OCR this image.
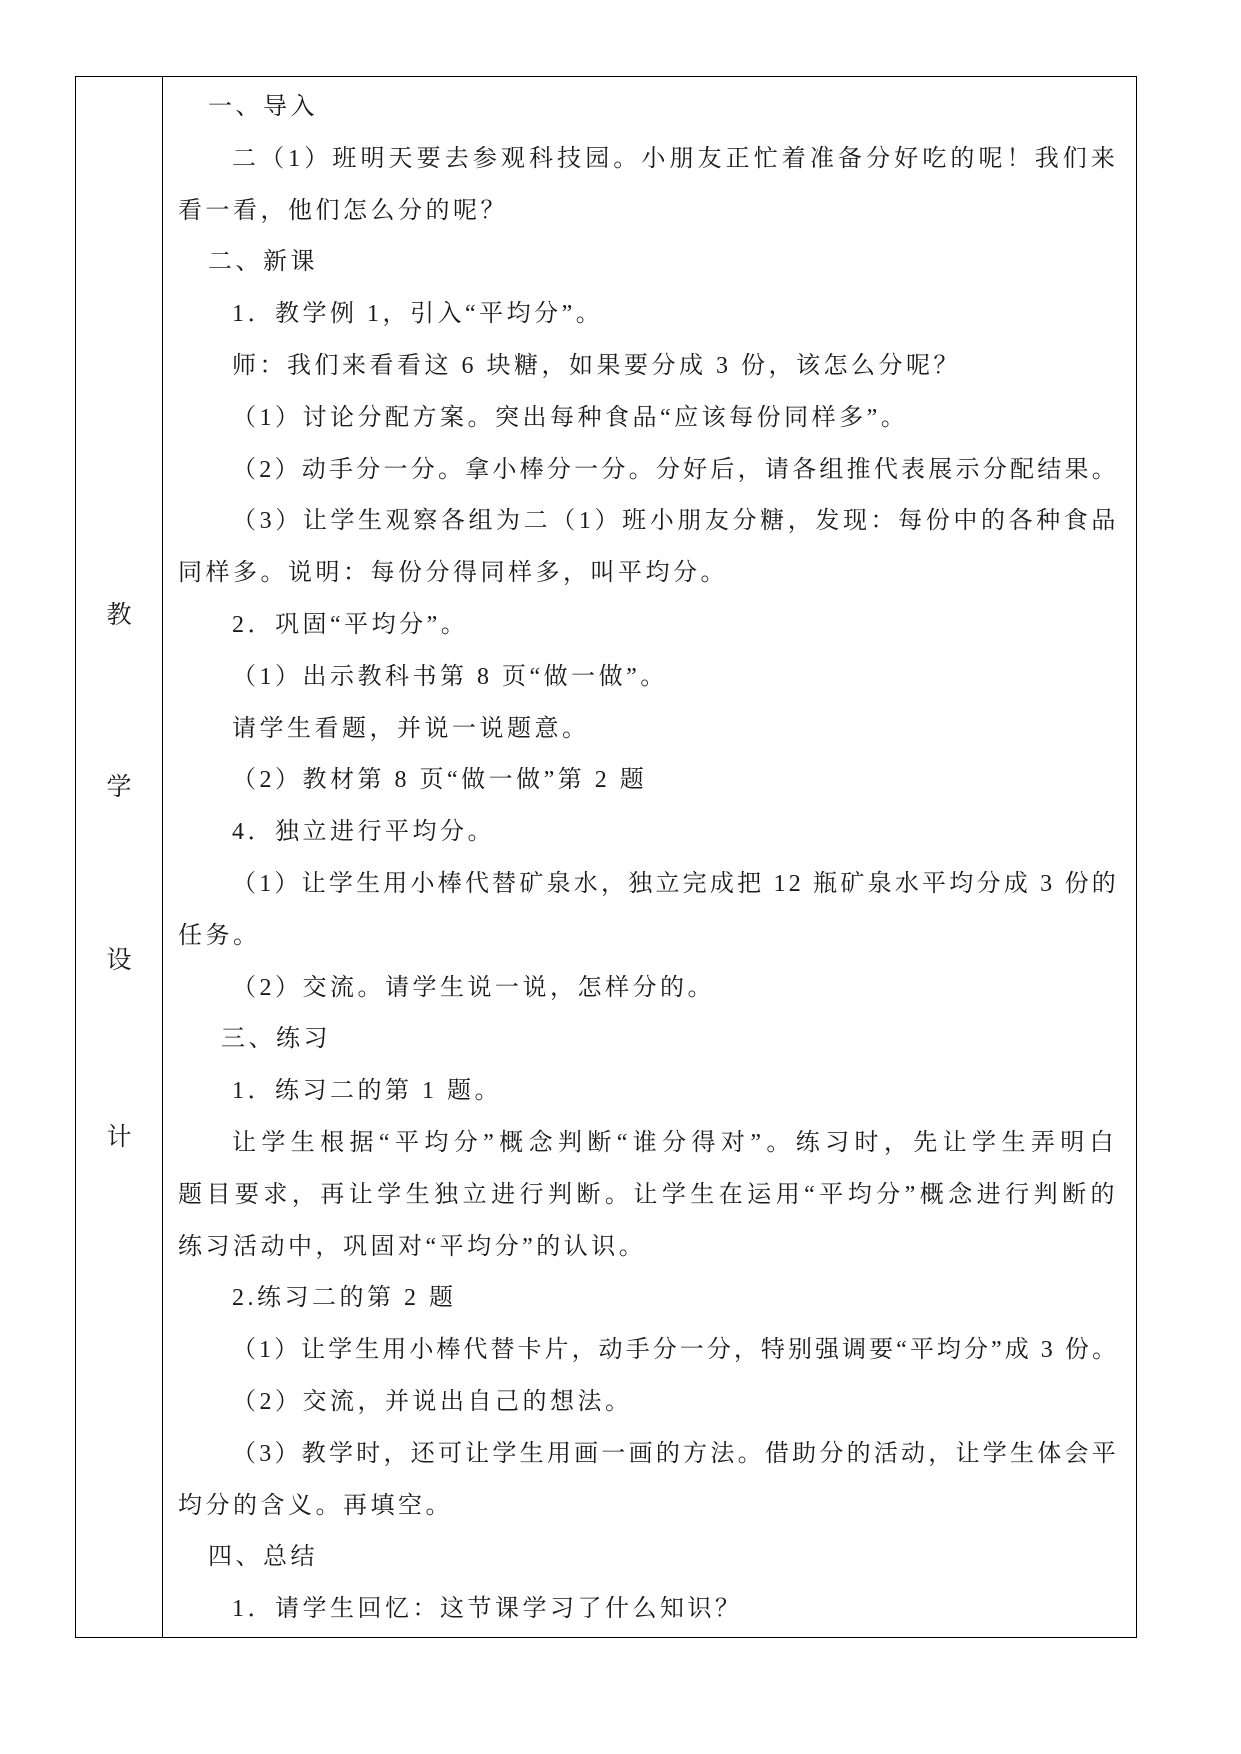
教
学
设
计
一、导入
二（1）班明天要去参观科技园。小朋友正忙着准备分好吃的呢！我们来
看一看，他们怎么分的呢？
二、新课
1．教学例 1，引入“平均分”。
师：我们来看看这 6 块糖，如果要分成 3 份，该怎么分呢？
（1）讨论分配方案。突出每种食品“应该每份同样多”。
（2）动手分一分。拿小棒分一分。分好后，请各组推代表展示分配结果。
（3）让学生观察各组为二（1）班小朋友分糖，发现：每份中的各种食品
同样多。说明：每份分得同样多，叫平均分。
2．巩固“平均分”。
（1）出示教科书第 8 页“做一做”。
请学生看题，并说一说题意。
（2）教材第 8 页“做一做”第 2 题
4．独立进行平均分。
（1）让学生用小棒代替矿泉水，独立完成把 12 瓶矿泉水平均分成 3 份的
任务。
（2）交流。请学生说一说，怎样分的。
三、练习
1．练习二的第 1 题。
让学生根据“平均分”概念判断“谁分得对”。练习时，先让学生弄明白
题目要求，再让学生独立进行判断。让学生在运用“平均分”概念进行判断的
练习活动中，巩固对“平均分”的认识。
2.练习二的第 2 题
（1）让学生用小棒代替卡片，动手分一分，特别强调要“平均分”成 3 份。
（2）交流，并说出自己的想法。
（3）教学时，还可让学生用画一画的方法。借助分的活动，让学生体会平
均分的含义。再填空。
四、总结
1．请学生回忆：这节课学习了什么知识？
